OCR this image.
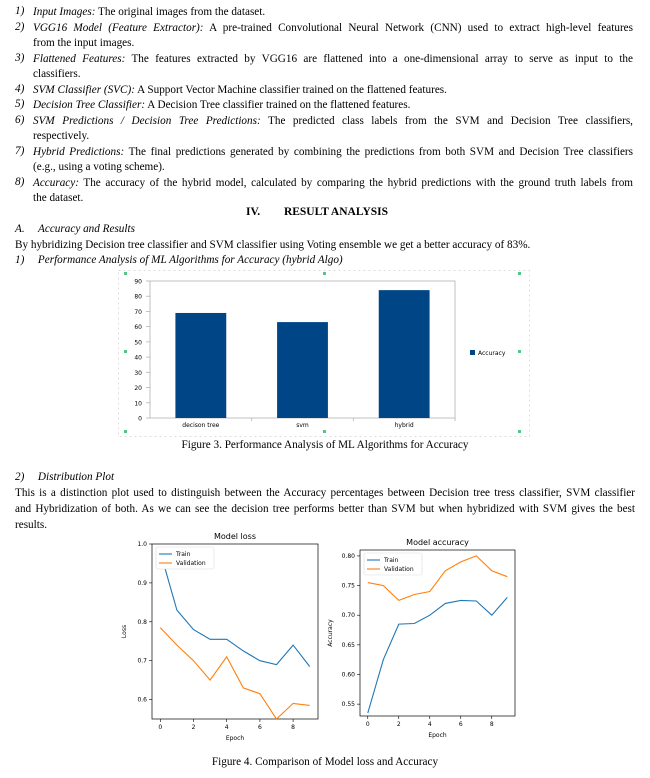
1) Input Images: The original images from the dataset.
2) VGG16 Model (Feature Extractor): A pre-trained Convolutional Neural Network (CNN) used to extract high-level features
from the input images.
3) Flattened Features: The features extracted by VGG16 are flattened into a one-dimensional array to serve as input to the
classifiers.
4) SVM Classifier (SVC): A Support Vector Machine classifier trained on the flattened features.
5) Decision Tree Classifier: A Decision Tree classifier trained on the flattened features.
6) SVM Predictions / Decision Tree Predictions: The predicted class labels from the SVM and Decision Tree classifiers,
respectively.
7) Hybrid Predictions: The final predictions generated by combining the predictions from both SVM and Decision Tree classifiers
(e.g., using a voting scheme).
8) Accuracy: The accuracy of the hybrid model, calculated by comparing the hybrid predictions with the ground truth labels from
the dataset.
IV. RESULT ANALYSIS
A. Accuracy and Results
By hybridizing Decision tree classifier and SVM classifier using Voting ensemble we get a better accuracy of 83%.
1) Performance Analysis of ML Algorithms for Accuracy (hybrid Algo)
0
10
20
30
40
50
60
70
80
90
decison tree	svm	hybrid
Accuracy
Figure 3. Performance Analysis of ML Algorithms for Accuracy
2) Distribution Plot
This is a distinction plot used to distinguish between the Accuracy percentages between Decision tree tress classifier, SVM classifier
and Hybridization of both. As we can see the decision tree performs better than SVM but when hybridized with SVM gives the best
results.
Model loss
0.6
0.7
0.8
0.9
1.0
0	2	4	6	8
Epoch
Loss
Train
Validation
Model accuracy
0.55
0.60
0.65
0.70
0.75
0.80
0	2	4	6	8
Epoch
Accuracy
Train
Validation
Figure 4. Comparison of Model loss and Accuracy
